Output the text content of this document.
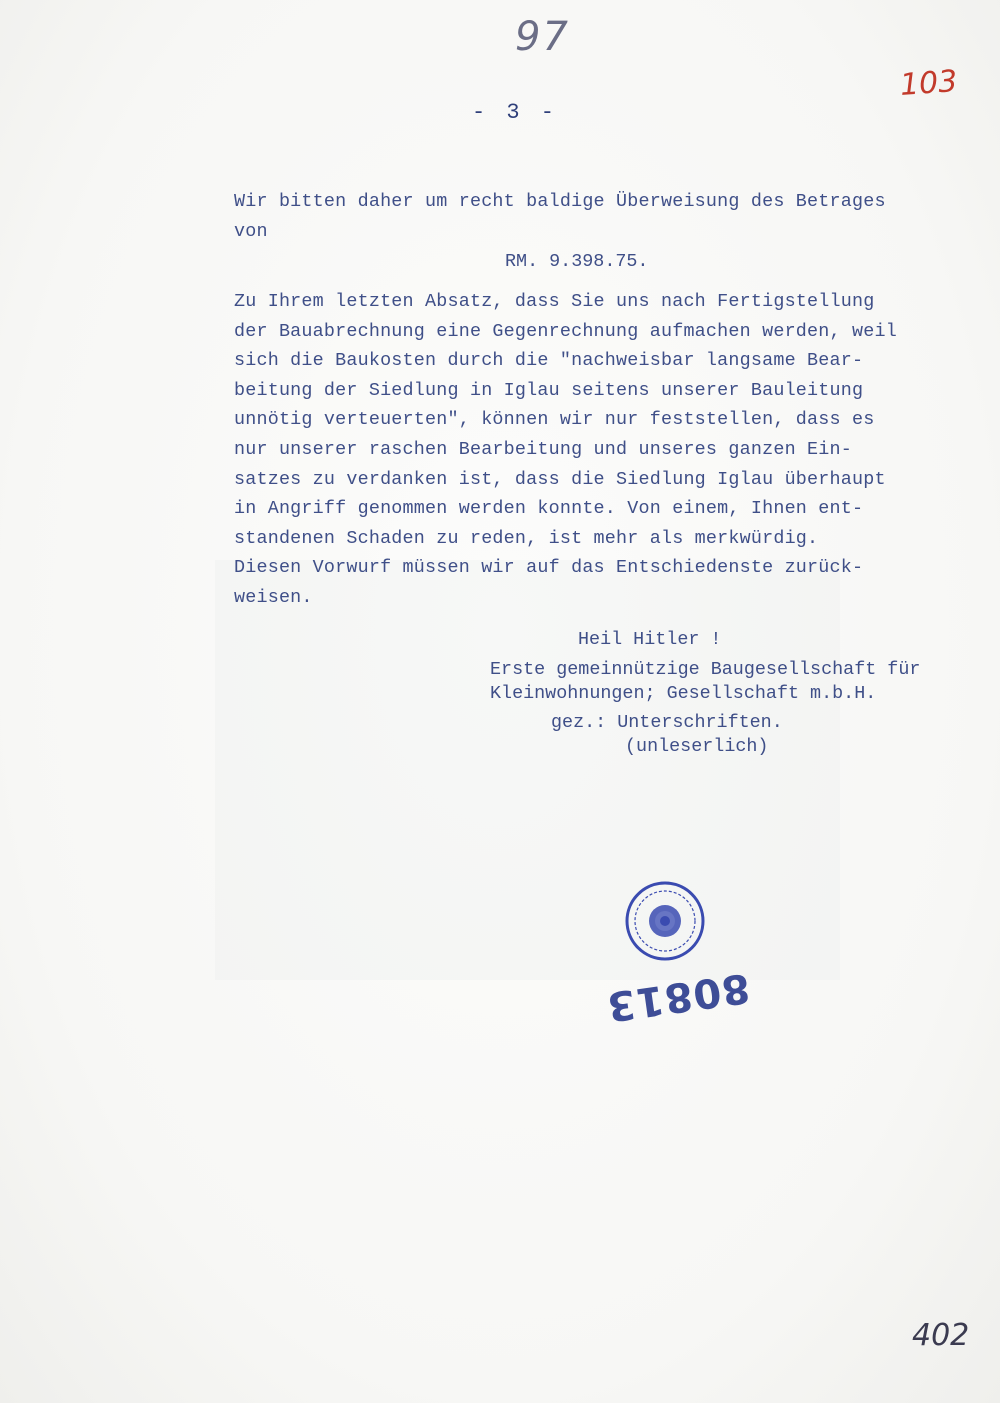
97
103
- 3 -
Wir bitten daher um recht baldige Überweisung des Betrages
von
RM. 9.398.75.
Zu Ihrem letzten Absatz, dass Sie uns nach Fertigstellung
der Bauabrechnung eine Gegenrechnung aufmachen werden, weil
sich die Baukosten durch die "nachweisbar langsame Bear-
beitung der Siedlung in Iglau seitens unserer Bauleitung
unnötig verteuerten", können wir nur feststellen, dass es
nur unserer raschen Bearbeitung und unseres ganzen Ein-
satzes zu verdanken ist, dass die Siedlung Iglau überhaupt
in Angriff genommen werden konnte. Von einem, Ihnen ent-
standenen Schaden zu reden, ist mehr als merkwürdig.
Diesen Vorwurf müssen wir auf das Entschiedenste zurück-
weisen.
Heil Hitler !
Erste gemeinnützige Baugesellschaft für
Kleinwohnungen; Gesellschaft m.b.H.
gez.: Unterschriften.
(unleserlich)
80813
402
